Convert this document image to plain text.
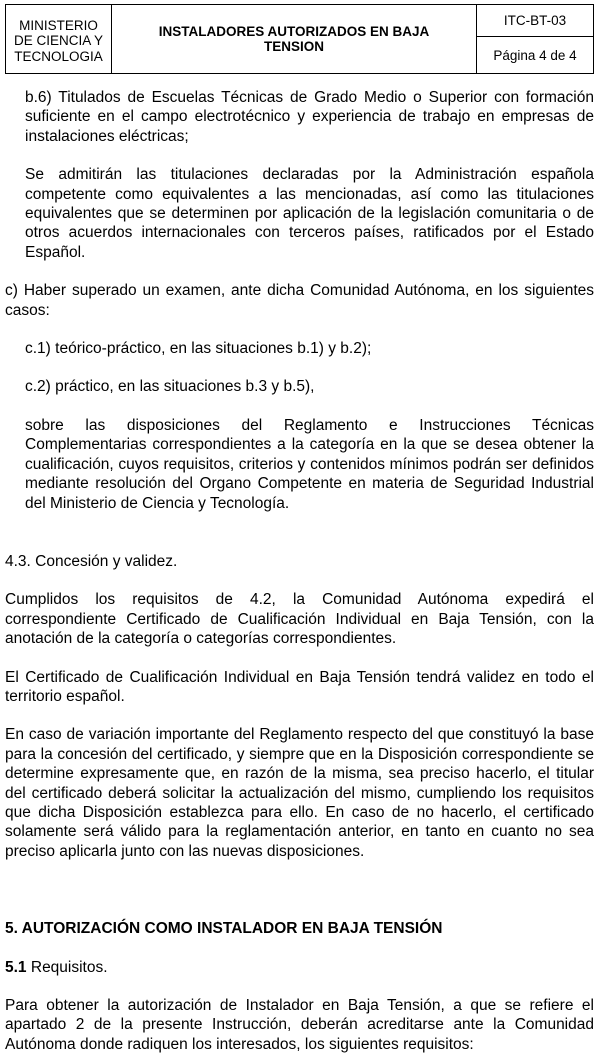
MINISTERIO
DE CIENCIA Y
TECNOLOGIA
INSTALADORES AUTORIZADOS EN BAJA TENSION
ITC-BT-03
Página 4 de 4

b.6) Titulados de Escuelas Técnicas de Grado Medio o Superior con formación suficiente en el campo electrotécnico y experiencia de trabajo en empresas de instalaciones eléctricas;

Se admitirán las titulaciones declaradas por la Administración española competente como equivalentes a las mencionadas, así como las titulaciones equivalentes que se determinen por aplicación de la legislación comunitaria o de otros acuerdos internacionales con terceros países, ratificados por el Estado Español.

c) Haber superado un examen, ante dicha Comunidad Autónoma, en los siguientes casos:

c.1) teórico-práctico, en las situaciones b.1) y b.2);

c.2) práctico, en las situaciones b.3 y b.5),

sobre las disposiciones del Reglamento e Instrucciones Técnicas Complementarias correspondientes a la categoría en la que se desea obtener la cualificación, cuyos requisitos, criterios y contenidos mínimos podrán ser definidos mediante resolución del Organo Competente en materia de Seguridad Industrial del Ministerio de Ciencia y Tecnología.

4.3. Concesión y validez.

Cumplidos los requisitos de 4.2, la Comunidad Autónoma expedirá el correspondiente Certificado de Cualificación Individual en Baja Tensión, con la anotación de la categoría o categorías correspondientes.

El Certificado de Cualificación Individual en Baja Tensión tendrá validez en todo el territorio español.

En caso de variación importante del Reglamento respecto del que constituyó la base para la concesión del certificado, y siempre que en la Disposición correspondiente se determine expresamente que, en razón de la misma, sea preciso hacerlo, el titular del certificado deberá solicitar la actualización del mismo, cumpliendo los requisitos que dicha Disposición establezca para ello. En caso de no hacerlo, el certificado solamente será válido para la reglamentación anterior, en tanto en cuanto no sea preciso aplicarla junto con las nuevas disposiciones.

5. AUTORIZACIÓN COMO INSTALADOR EN BAJA TENSIÓN

5.1 Requisitos.

Para obtener la autorización de Instalador en Baja Tensión, a que se refiere el apartado 2 de la presente Instrucción, deberán acreditarse ante la Comunidad Autónoma donde radiquen los interesados, los siguientes requisitos:
